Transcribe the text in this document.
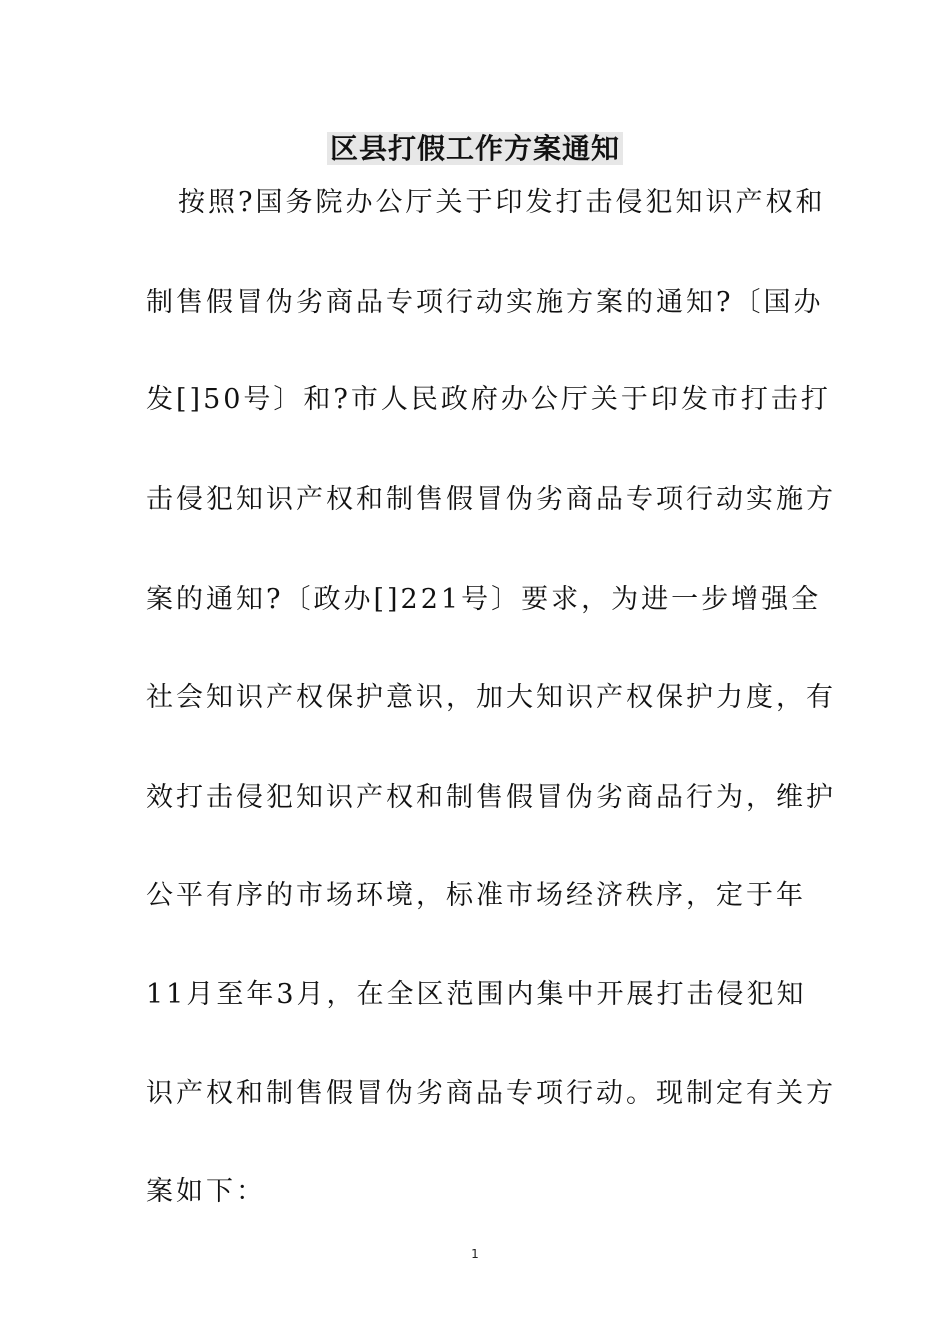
区县打假工作方案通知
按照?国务院办公厅关于印发打击侵犯知识产权和
制售假冒伪劣商品专项行动实施方案的通知?〔国办
发[]50号〕和?市人民政府办公厅关于印发市打击打
击侵犯知识产权和制售假冒伪劣商品专项行动实施方
案的通知?〔政办[]221号〕要求，为进一步增强全
社会知识产权保护意识，加大知识产权保护力度，有
效打击侵犯知识产权和制售假冒伪劣商品行为，维护
公平有序的市场环境，标准市场经济秩序，定于年
11月至年3月，在全区范围内集中开展打击侵犯知
识产权和制售假冒伪劣商品专项行动。现制定有关方
案如下：
1
